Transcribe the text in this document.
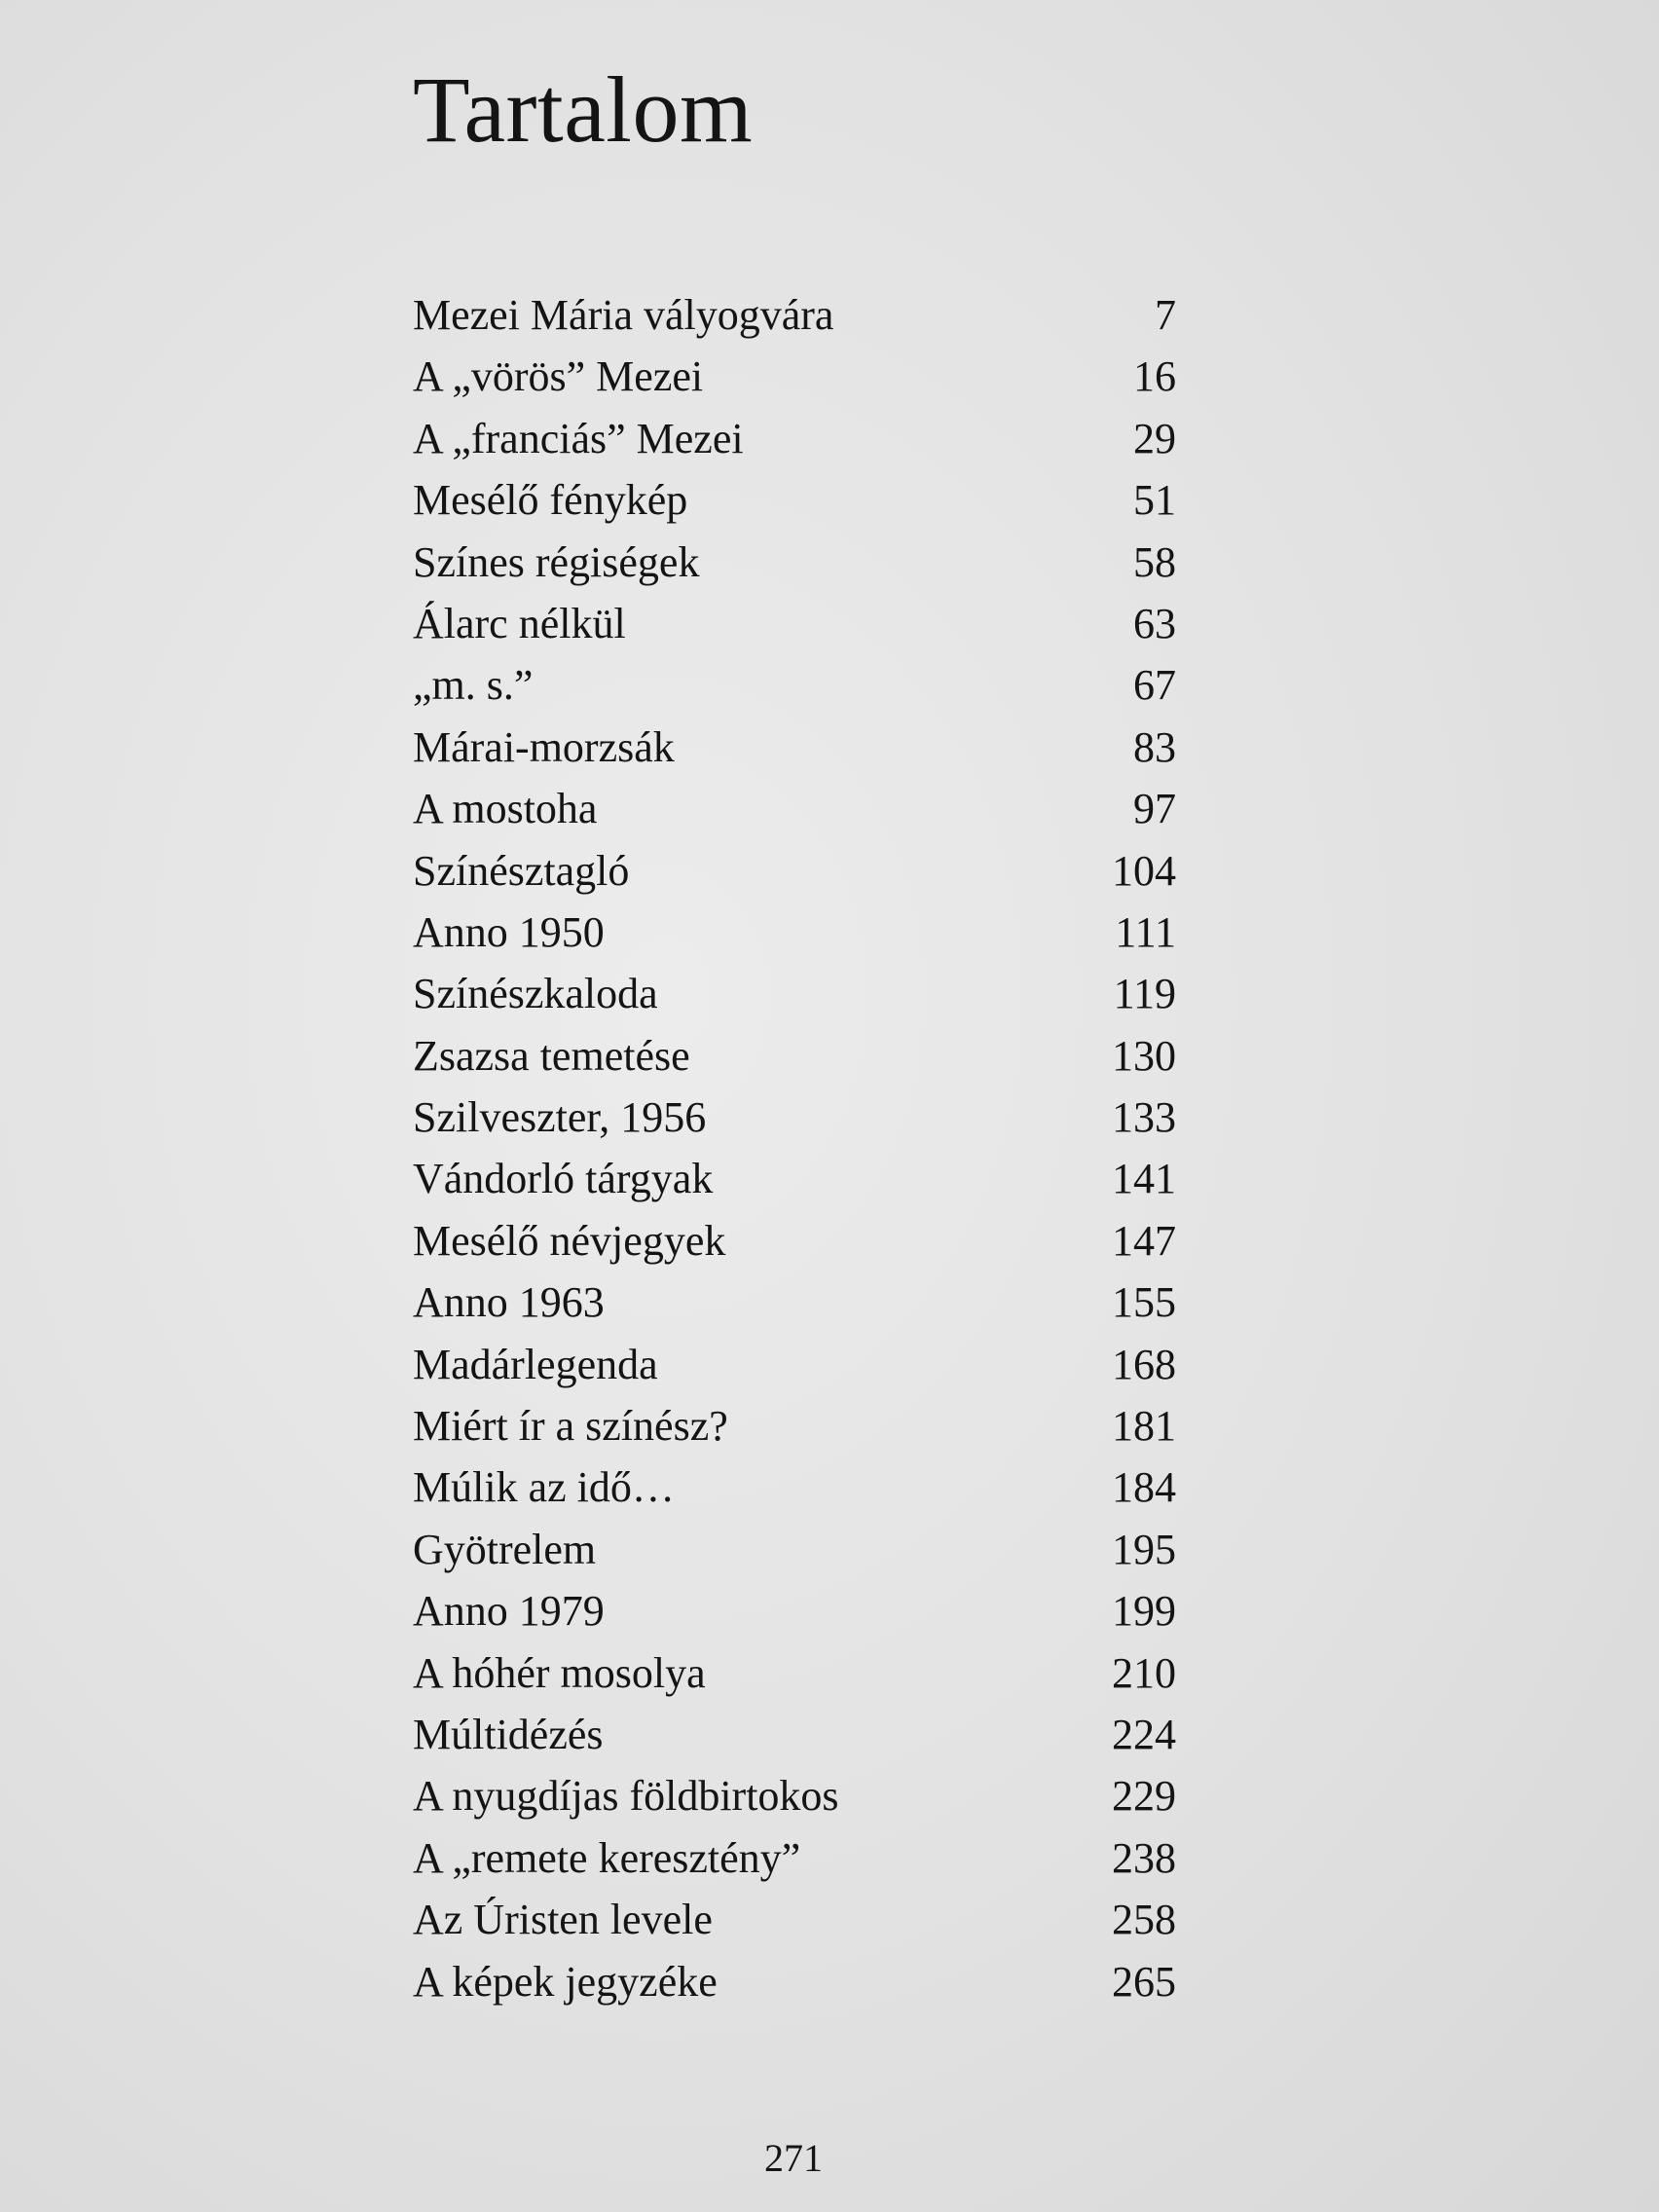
Tartalom
Mezei Mária vályogvára	7
A „vörös” Mezei	16
A „franciás” Mezei	29
Mesélő fénykép	51
Színes régiségek	58
Álarc nélkül	63
„m. s.”	67
Márai-morzsák	83
A mostoha	97
Színésztagló	104
Anno 1950	111
Színészkaloda	119
Zsazsa temetése	130
Szilveszter, 1956	133
Vándorló tárgyak	141
Mesélő névjegyek	147
Anno 1963	155
Madárlegenda	168
Miért ír a színész?	181
Múlik az idő…	184
Gyötrelem	195
Anno 1979	199
A hóhér mosolya	210
Múltidézés	224
A nyugdíjas földbirtokos	229
A „remete keresztény”	238
Az Úristen levele	258
A képek jegyzéke	265
271
